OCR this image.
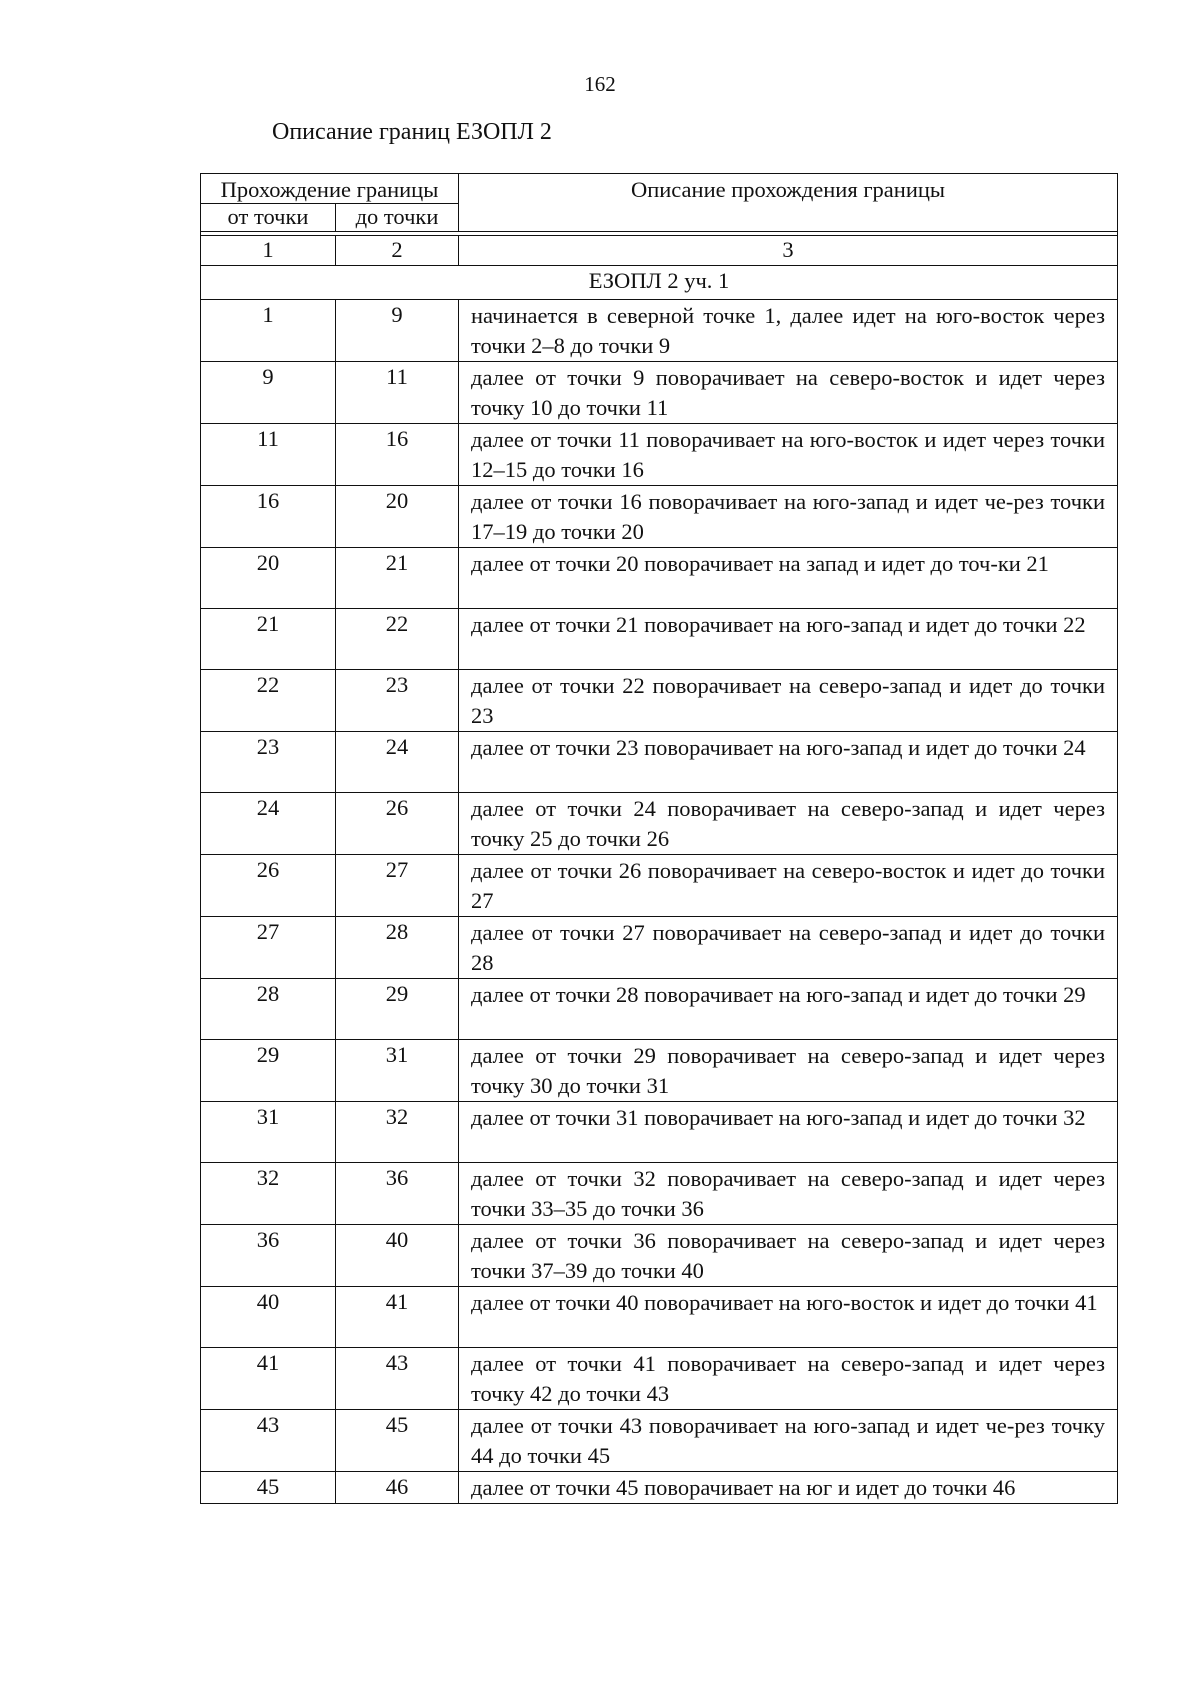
162
Описание границ ЕЗОПЛ 2
Прохождение границы		Описание прохождения границы
от точки	до точки	

1	2	3
ЕЗОПЛ 2 уч. 1		
1	9	начинается в северной точке 1, далее идет на юго-восток через точки 2–8 до точки 9
9	11	далее от точки 9 поворачивает на северо-восток и идет через точку 10 до точки 11
11	16	далее от точки 11 поворачивает на юго-восток и идет через точки 12–15 до точки 16
16	20	далее от точки 16 поворачивает на юго-запад и идет че-рез точки 17–19 до точки 20
20	21	далее от точки 20 поворачивает на запад и идет до точ-ки 21
21	22	далее от точки 21 поворачивает на юго-запад и идет до точки 22
22	23	далее от точки 22 поворачивает на северо-запад и идет до точки 23
23	24	далее от точки 23 поворачивает на юго-запад и идет до точки 24
24	26	далее от точки 24 поворачивает на северо-запад и идет через точку 25 до точки 26
26	27	далее от точки 26 поворачивает на северо-восток и идет до точки 27
27	28	далее от точки 27 поворачивает на северо-запад и идет до точки 28
28	29	далее от точки 28 поворачивает на юго-запад и идет до точки 29
29	31	далее от точки 29 поворачивает на северо-запад и идет через точку 30 до точки 31
31	32	далее от точки 31 поворачивает на юго-запад и идет до точки 32
32	36	далее от точки 32 поворачивает на северо-запад и идет через точки 33–35 до точки 36
36	40	далее от точки 36 поворачивает на северо-запад и идет через точки 37–39 до точки 40
40	41	далее от точки 40 поворачивает на юго-восток и идет до точки 41
41	43	далее от точки 41 поворачивает на северо-запад и идет через точку 42 до точки 43
43	45	далее от точки 43 поворачивает на юго-запад и идет че-рез точку 44 до точки 45
45	46	далее от точки 45 поворачивает на юг и идет до точки 46
